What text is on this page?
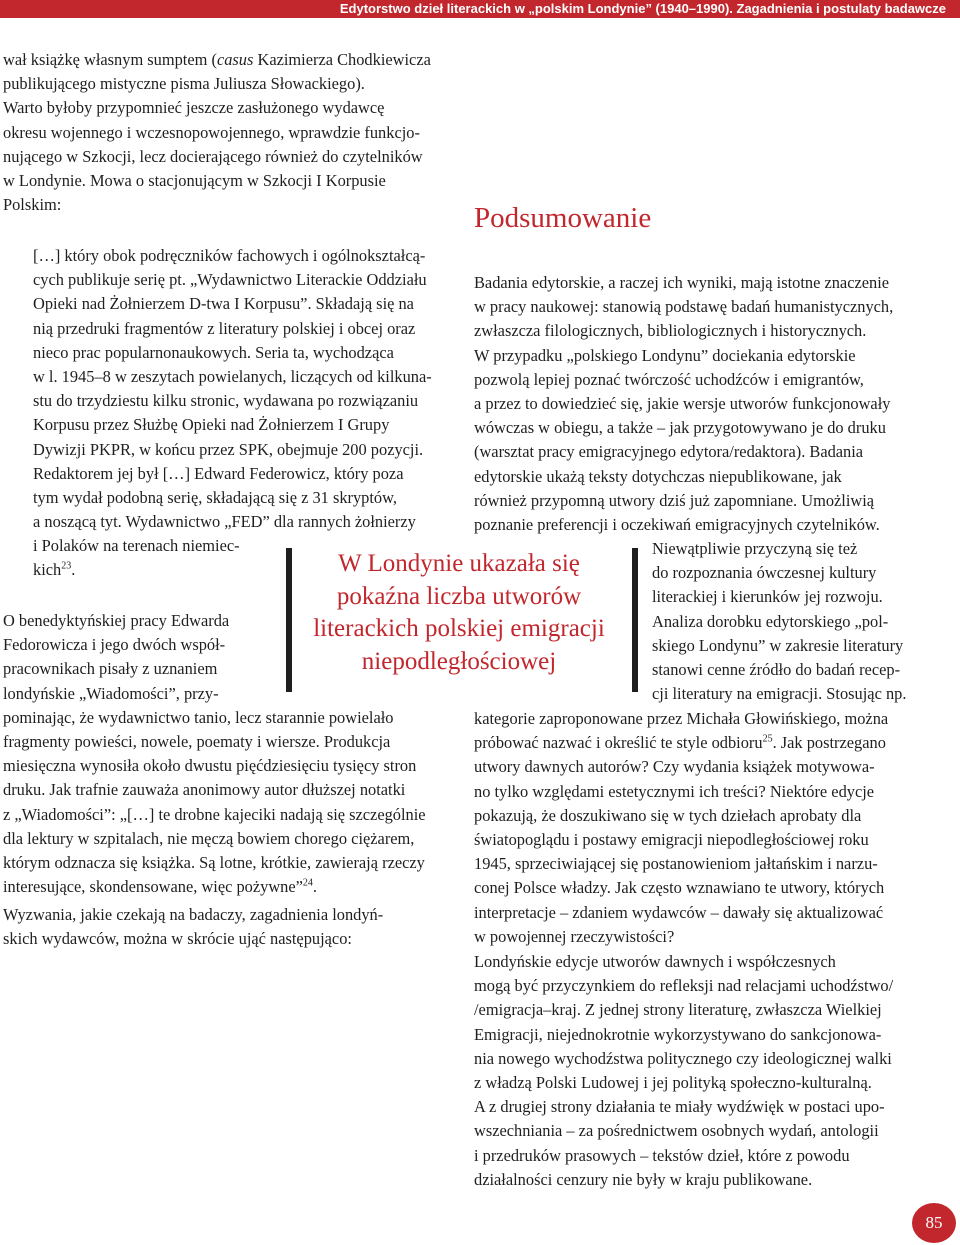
Edytorstwo dzieł literackich w „polskim Londynie” (1940–1990). Zagadnienia i postulaty badawcze
wał książkę własnym sumptem (casus Kazimierza Chodkiewicza
publikującego mistyczne pisma Juliusza Słowackiego).
Warto byłoby przypomnieć jeszcze zasłużonego wydawcę
okresu wojennego i wczesnopowojennego, wprawdzie funkcjo-
nującego w Szkocji, lecz docierającego również do czytelników
w Londynie. Mowa o stacjonującym w Szkocji I Korpusie
Polskim:
[…] który obok podręczników fachowych i ogólnokształcą-
cych publikuje serię pt. „Wydawnictwo Literackie Oddziału
Opieki nad Żołnierzem D-twa I Korpusu”. Składają się na
nią przedruki fragmentów z literatury polskiej i obcej oraz
nieco prac popularnonaukowych. Seria ta, wychodząca
w l. 1945–8 w zeszytach powielanych, liczących od kilkuna-
stu do trzydziestu kilku stronic, wydawana po rozwiązaniu
Korpusu przez Służbę Opieki nad Żołnierzem I Grupy
Dywizji PKPR, w końcu przez SPK, obejmuje 200 pozycji.
Redaktorem jej był […] Edward Federowicz, który poza
tym wydał podobną serię, składającą się z 31 skryptów,
a noszącą tyt. Wydawnictwo „FED” dla rannych żołnierzy
i Polaków na terenach niemiec-
kich$^{23}$.
O benedyktyńskiej pracy Edwarda
Fedorowicza i jego dwóch współ-
pracownikach pisały z uznaniem
londyńskie „Wiadomości”, przy-
pominając, że wydawnictwo tanio, lecz starannie powielało
fragmenty powieści, nowele, poematy i wiersze. Produkcja
miesięczna wynosiła około dwustu pięćdziesięciu tysięcy stron
druku. Jak trafnie zauważa anonimowy autor dłuższej notatki
z „Wiadomości”: „[…] te drobne kajeciki nadają się szczególnie
dla lektury w szpitalach, nie męczą bowiem chorego ciężarem,
którym odznacza się książka. Są lotne, krótkie, zawierają rzeczy
interesujące, skondensowane, więc pożywne”$^{24}$.
Wyzwania, jakie czekają na badaczy, zagadnienia londyń-
skich wydawców, można w skrócie ująć następująco:
Podsumowanie
Badania edytorskie, a raczej ich wyniki, mają istotne znaczenie
w pracy naukowej: stanowią podstawę badań humanistycznych,
zwłaszcza filologicznych, bibliologicznych i historycznych.
W przypadku „polskiego Londynu” dociekania edytorskie
pozwolą lepiej poznać twórczość uchodźców i emigrantów,
a przez to dowiedzieć się, jakie wersje utworów funkcjonowały
wówczas w obiegu, a także – jak przygotowywano je do druku
(warsztat pracy emigracyjnego edytora/redaktora). Badania
edytorskie ukażą teksty dotychczas niepublikowane, jak
również przypomną utwory dziś już zapomniane. Umożliwią
poznanie preferencji i oczekiwań emigracyjnych czytelników.
Niewątpliwie przyczyną się też
do rozpoznania ówczesnej kultury
literackiej i kierunków jej rozwoju.
Analiza dorobku edytorskiego „pol-
skiego Londynu” w zakresie literatury
stanowi cenne źródło do badań recep-
cji literatury na emigracji. Stosując np.
kategorie zaproponowane przez Michała Głowińskiego, można
próbować nazwać i określić te style odbioru$^{25}$. Jak postrzegano
utwory dawnych autorów? Czy wydania książek motywowa-
no tylko względami estetycznymi ich treści? Niektóre edycje
pokazują, że doszukiwano się w tych dziełach aprobaty dla
światopoglądu i postawy emigracji niepodległościowej roku
1945, sprzeciwiającej się postanowieniom jałtańskim i narzu-
conej Polsce władzy. Jak często wznawiano te utwory, których
interpretacje – zdaniem wydawców – dawały się aktualizować
w powojennej rzeczywistości?
Londyńskie edycje utworów dawnych i współczesnych
mogą być przyczynkiem do refleksji nad relacjami uchodźstwo/
/emigracja–kraj. Z jednej strony literaturę, zwłaszcza Wielkiej
Emigracji, niejednokrotnie wykorzystywano do sankcjonowa-
nia nowego wychodźstwa politycznego czy ideologicznej walki
z władzą Polski Ludowej i jej polityką społeczno-kulturalną.
A z drugiej strony działania te miały wydźwięk w postaci upo-
wszechniania – za pośrednictwem osobnych wydań, antologii
i przedruków prasowych – tekstów dzieł, które z powodu
działalności cenzury nie były w kraju publikowane.
W Londynie ukazała się
pokaźna liczba utworów
literackich polskiej emigracji
niepodległościowej
85
